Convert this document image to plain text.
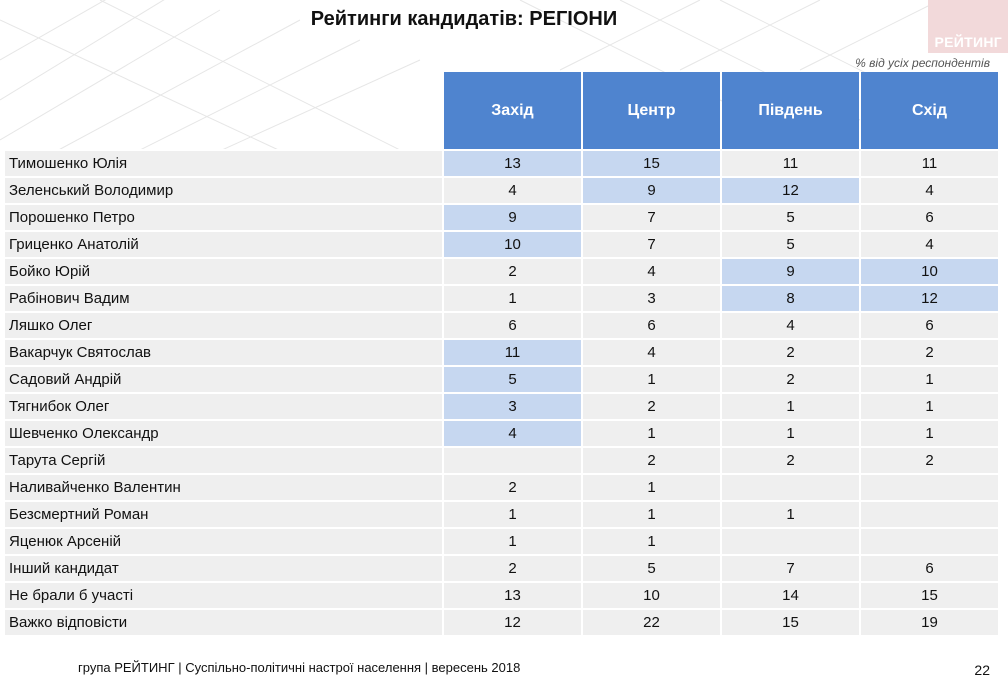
Рейтинги кандидатів: РЕГІОНИ
РЕЙТИНГ
% від усіх респондентів
	Захід	Центр	Південь	Схід
Тимошенко Юлія	13	15	11	11
Зеленський Володимир	4	9	12	4
Порошенко Петро	9	7	5	6
Гриценко Анатолій	10	7	5	4
Бойко Юрій	2	4	9	10
Рабінович Вадим	1	3	8	12
Ляшко Олег	6	6	4	6
Вакарчук Святослав	11	4	2	2
Садовий Андрій	5	1	2	1
Тягнибок Олег	3	2	1	1
Шевченко Олександр	4	1	1	1
Тарута Сергій		2	2	2
Наливайченко Валентин	2	1		
Безсмертний Роман	1	1	1	
Яценюк Арсеній	1	1		
Інший кандидат	2	5	7	6
Не брали б участі	13	10	14	15
Важко відповісти	12	22	15	19
група РЕЙТИНГ | Суспільно-політичні настрої населення | вересень 2018	22
